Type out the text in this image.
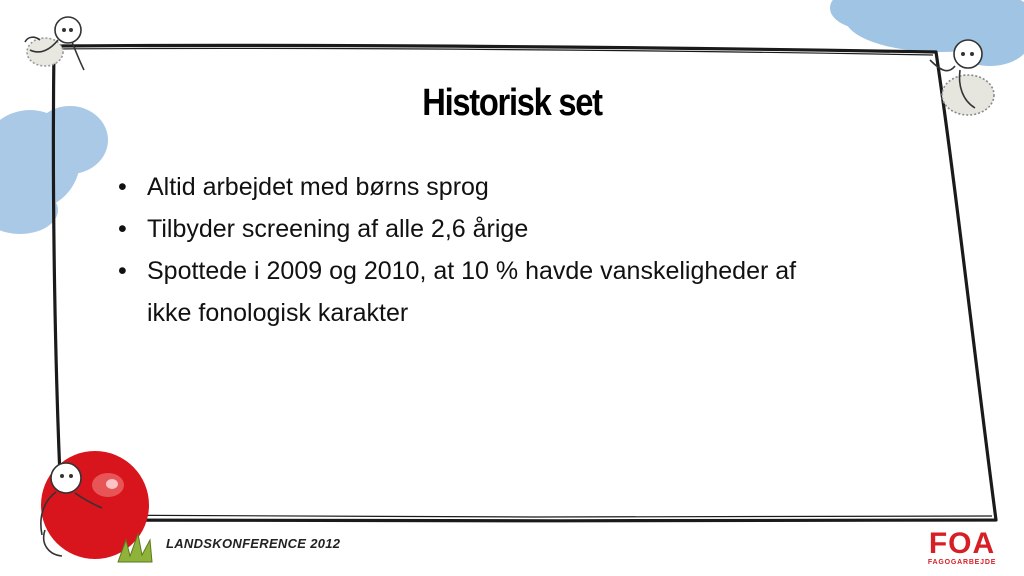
Historisk set
• Altid arbejdet med børns sprog
• Tilbyder screening af alle 2,6 årige
• Spottede i 2009 og 2010, at 10 % havde vanskeligheder af ikke fonologisk karakter
LANDSKONFERENCE 2012	FOA
FAGOGARBEJDE
